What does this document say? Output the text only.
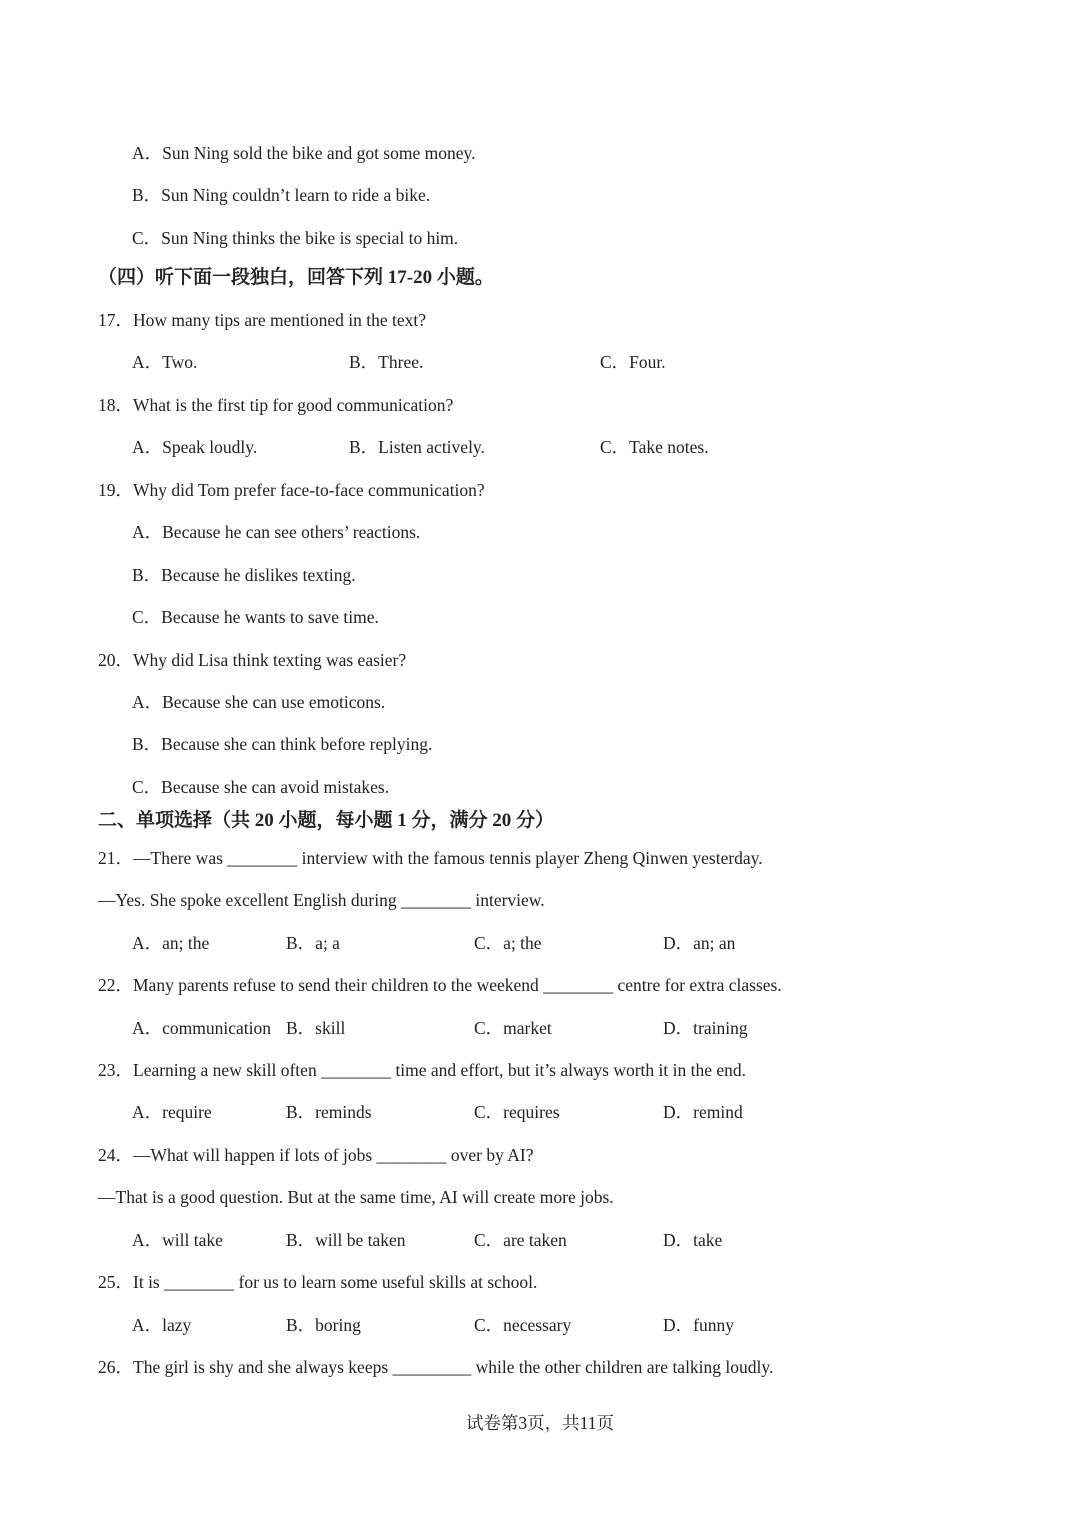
A．Sun Ning sold the bike and got some money.
B．Sun Ning couldn’t learn to ride a bike.
C．Sun Ning thinks the bike is special to him.
（四）听下面一段独白，回答下列 17-20 小题。
17．How many tips are mentioned in the text?
A．Two.	B．Three.	C．Four.
18．What is the first tip for good communication?
A．Speak loudly.	B．Listen actively.	C．Take notes.
19．Why did Tom prefer face-to-face communication?
A．Because he can see others’ reactions.
B．Because he dislikes texting.
C．Because he wants to save time.
20．Why did Lisa think texting was easier?
A．Because she can use emoticons.
B．Because she can think before replying.
C．Because she can avoid mistakes.
二、单项选择（共 20 小题，每小题 1 分，满分 20 分）
21．—There was ________ interview with the famous tennis player Zheng Qinwen yesterday.
—Yes. She spoke excellent English during ________ interview.
A．an; the	B．a; a	C．a; the	D．an; an
22．Many parents refuse to send their children to the weekend ________ centre for extra classes.
A．communication B．skill	C．market	D．training
23．Learning a new skill often ________ time and effort, but it’s always worth it in the end.
A．require	B．reminds	C．requires	D．remind
24．—What will happen if lots of jobs ________ over by AI?
—That is a good question. But at the same time, AI will create more jobs.
A．will take	B．will be taken	C．are taken	D．take
25．It is ________ for us to learn some useful skills at school.
A．lazy	B．boring	C．necessary	D．funny
26．The girl is shy and she always keeps _________ while the other children are talking loudly.
试卷第3页，共11页
